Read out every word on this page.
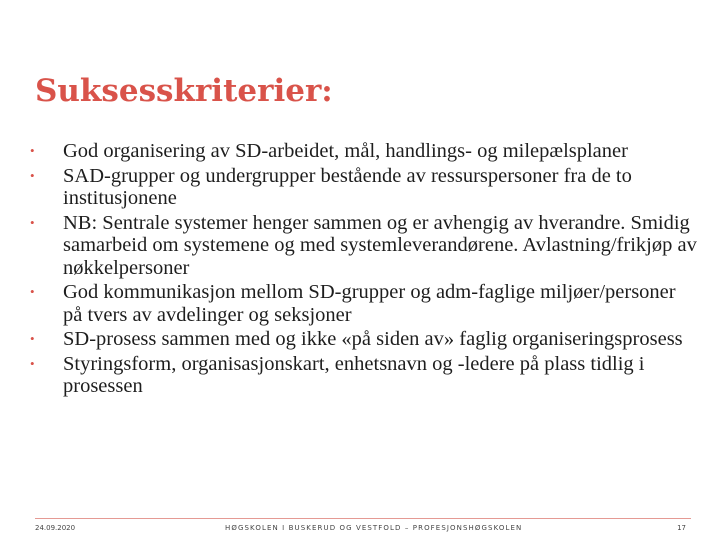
Suksesskriterier:
• God organisering av SD-arbeidet, mål, handlings- og milepælsplaner
• SAD-grupper og undergrupper bestående av ressurspersoner fra de to institusjonene
• NB: Sentrale systemer henger sammen og er avhengig av hverandre. Smidig samarbeid om systemene og med systemleverandørene. Avlastning/frikjøp av nøkkelpersoner
• God kommunikasjon mellom SD-grupper og adm-faglige miljøer/personer på tvers av avdelinger og seksjoner
• SD-prosess sammen med og ikke «på siden av» faglig organiseringsprosess
• Styringsform, organisasjonskart, enhetsnavn og -ledere på plass tidlig i prosessen
24.09.2020	HØGSKOLEN I BUSKERUD OG VESTFOLD – PROFESJONSHØGSKOLEN	17
